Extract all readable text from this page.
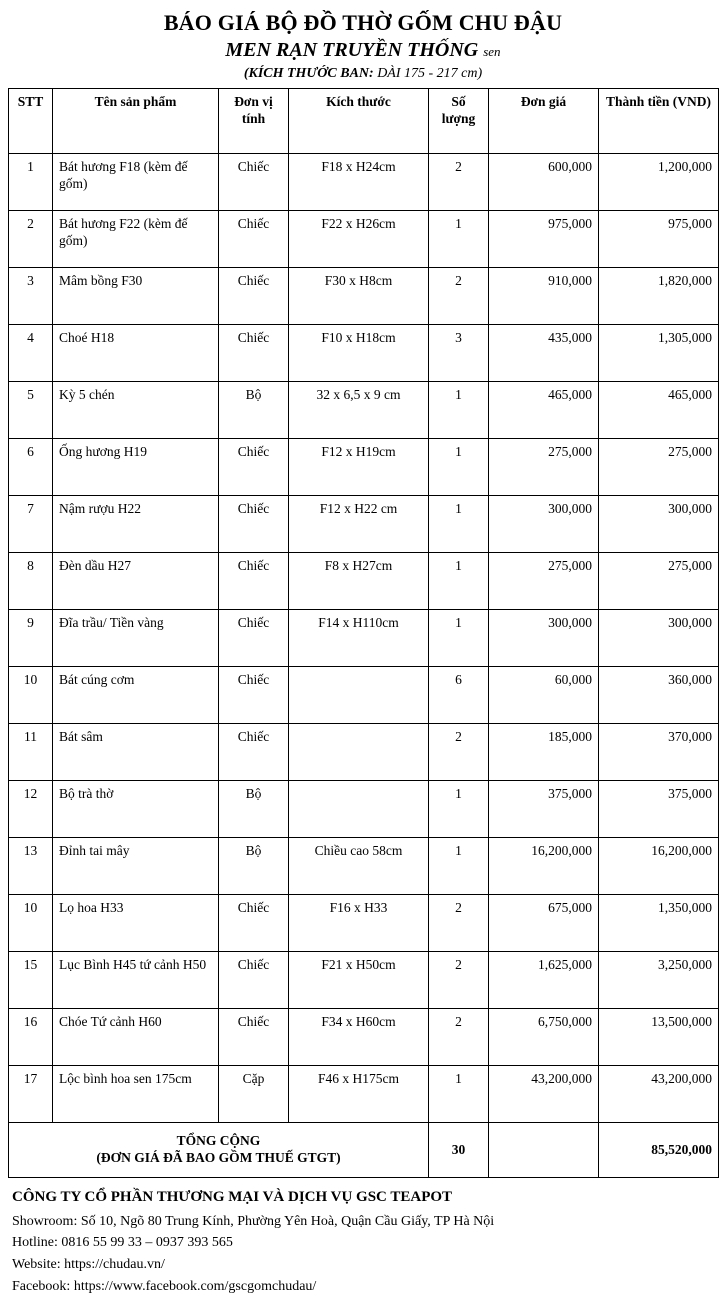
BÁO GIÁ BỘ ĐỒ THỜ GỐM CHU ĐẬU
MEN RẠN TRUYỀN THỐNG sen
(KÍCH THƯỚC BAN: DÀI 175 - 217 cm)
STT	Tên sản phẩm	Đơn vị tính	Kích thước	Số lượng	Đơn giá	Thành tiền (VND)
1	Bát hương F18 (kèm đế gốm)	Chiếc	F18 x H24cm	2	600,000	1,200,000
2	Bát hương F22 (kèm đế gốm)	Chiếc	F22 x H26cm	1	975,000	975,000
3	Mâm bồng F30	Chiếc	F30 x H8cm	2	910,000	1,820,000
4	Choé H18	Chiếc	F10 x H18cm	3	435,000	1,305,000
5	Kỳ 5 chén	Bộ	32 x 6,5 x 9 cm	1	465,000	465,000
6	Ống hương H19	Chiếc	F12 x H19cm	1	275,000	275,000
7	Nậm rượu H22	Chiếc	F12 x H22 cm	1	300,000	300,000
8	Đèn dầu H27	Chiếc	F8 x H27cm	1	275,000	275,000
9	Đĩa trầu/ Tiền vàng	Chiếc	F14 x H110cm	1	300,000	300,000
10	Bát cúng cơm	Chiếc		6	60,000	360,000
11	Bát sâm	Chiếc		2	185,000	370,000
12	Bộ trà thờ	Bộ		1	375,000	375,000
13	Đỉnh tai mây	Bộ	Chiều cao 58cm	1	16,200,000	16,200,000
10	Lọ hoa H33	Chiếc	F16 x H33	2	675,000	1,350,000
15	Lục Bình H45 tứ cảnh H50	Chiếc	F21 x H50cm	2	1,625,000	3,250,000
16	Chóe Tứ cảnh H60	Chiếc	F34 x H60cm	2	6,750,000	13,500,000
17	Lộc bình hoa sen 175cm	Cặp	F46 x H175cm	1	43,200,000	43,200,000
TỔNG CỘNG
(ĐƠN GIÁ ĐÃ BAO GỒM THUẾ GTGT)				30		85,520,000
CÔNG TY CỔ PHẦN THƯƠNG MẠI VÀ DỊCH VỤ GSC TEAPOT
Showroom: Số 10, Ngõ 80 Trung Kính, Phường Yên Hoà, Quận Cầu Giấy, TP Hà Nội
Hotline: 0816 55 99 33 – 0937 393 565
Website: https://chudau.vn/
Facebook: https://www.facebook.com/gscgomchudau/
